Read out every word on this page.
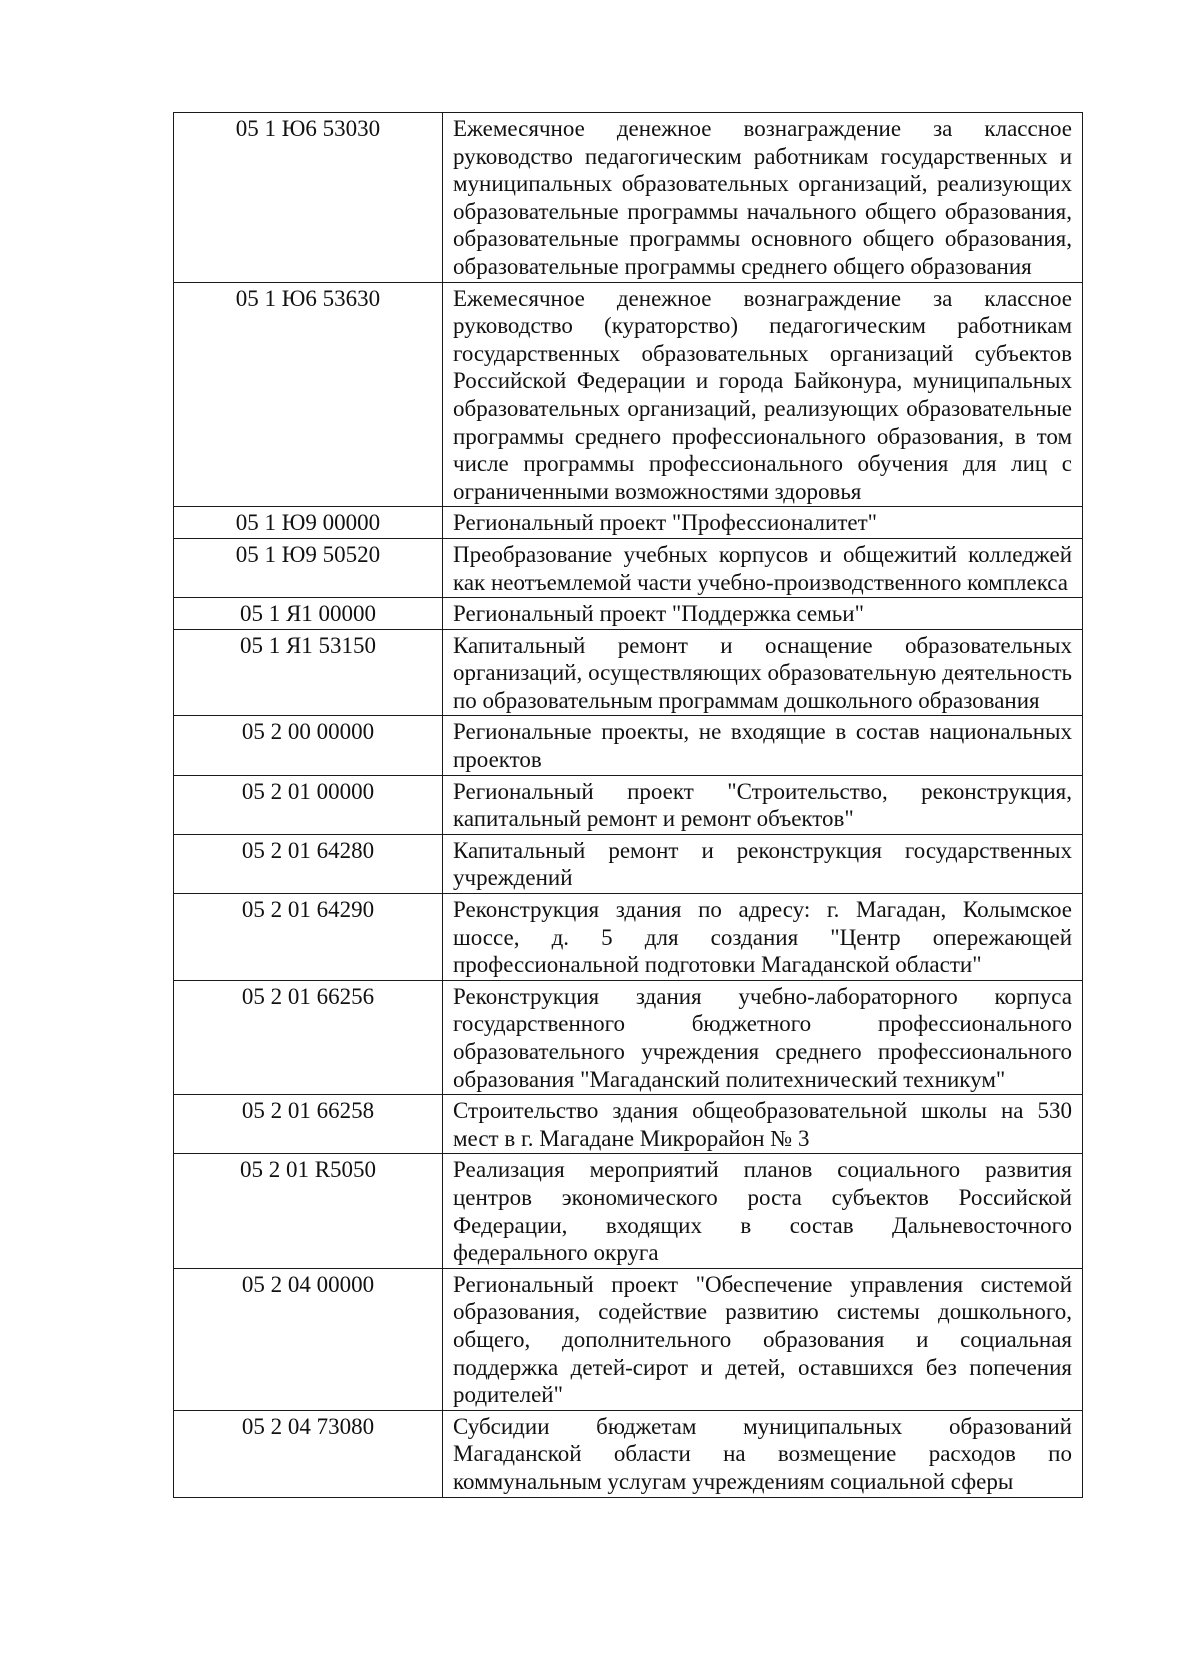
05 1 Ю6 53030	Ежемесячное денежное вознаграждение за классное руководство педагогическим работникам государственных и муниципальных образовательных организаций, реализующих образовательные программы начального общего образования, образовательные программы основного общего образования, образовательные программы среднего общего образования
05 1 Ю6 53630	Ежемесячное денежное вознаграждение за классное руководство (кураторство) педагогическим работникам государственных образовательных организаций субъектов Российской Федерации и города Байконура, муниципальных образовательных организаций, реализующих образовательные программы среднего профессионального образования, в том числе программы профессионального обучения для лиц с ограниченными возможностями здоровья
05 1 Ю9 00000	Региональный проект "Профессионалитет"
05 1 Ю9 50520	Преобразование учебных корпусов и общежитий колледжей как неотъемлемой части учебно-производственного комплекса
05 1 Я1 00000	Региональный проект "Поддержка семьи"
05 1 Я1 53150	Капитальный ремонт и оснащение образовательных организаций, осуществляющих образовательную деятельность по образовательным программам дошкольного образования
05 2 00 00000	Региональные проекты, не входящие в состав национальных проектов
05 2 01 00000	Региональный проект "Строительство, реконструкция, капитальный ремонт и ремонт объектов"
05 2 01 64280	Капитальный ремонт и реконструкция государственных учреждений
05 2 01 64290	Реконструкция здания по адресу: г. Магадан, Колымское шоссе, д. 5 для создания "Центр опережающей профессиональной подготовки Магаданской области"
05 2 01 66256	Реконструкция здания учебно-лабораторного корпуса государственного бюджетного профессионального образовательного учреждения среднего профессионального образования "Магаданский политехнический техникум"
05 2 01 66258	Строительство здания общеобразовательной школы на 530 мест в г. Магадане Микрорайон № 3
05 2 01 R5050	Реализация мероприятий планов социального развития центров экономического роста субъектов Российской Федерации, входящих в состав Дальневосточного федерального округа
05 2 04 00000	Региональный проект "Обеспечение управления системой образования, содействие развитию системы дошкольного, общего, дополнительного образования и социальная поддержка детей-сирот и детей, оставшихся без попечения родителей"
05 2 04 73080	Субсидии бюджетам муниципальных образований Магаданской области на возмещение расходов по коммунальным услугам учреждениям социальной сферы
